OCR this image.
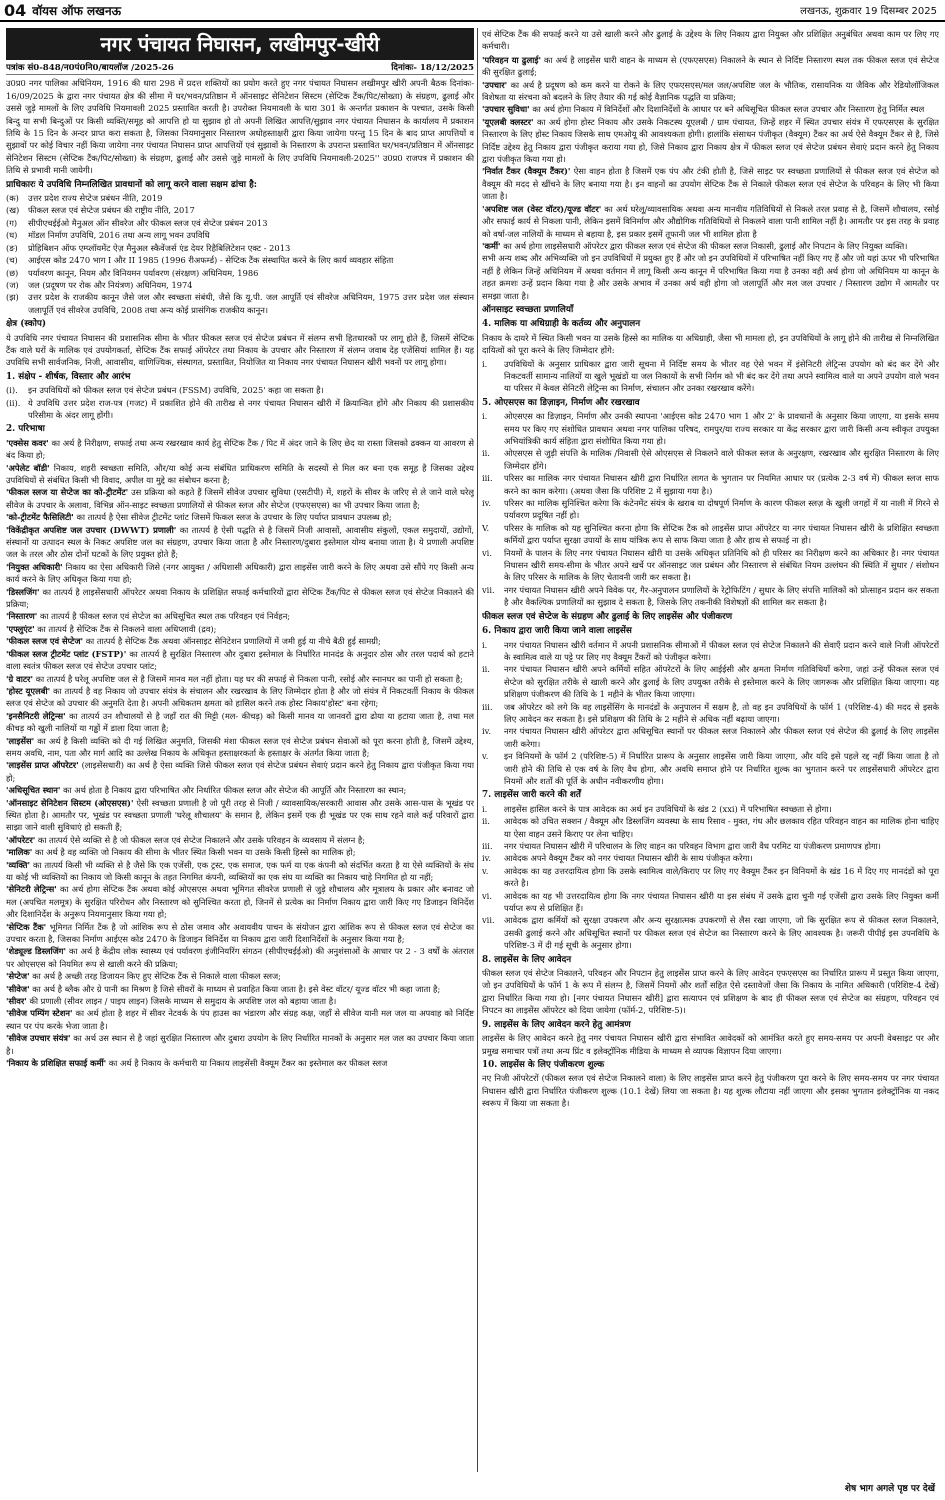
04 वॉयस ऑफ लखनऊ	लखनऊ, शुक्रवार 19 दिसम्बर 2025
नगर पंचायत निघासन, लखीमपुर-खीरी
पत्रांक सं0-848/न0पं0नि0/बायलॉज /2025-26	दिनांकः- 18/12/2025

उ0प्र0 नगर पालिका अधिनियम, 1916 की धारा 298 में प्रदत्त शक्तियों का प्रयोग करते हुए नगर पंचायत निघासन लखीमपुर खीरी अपनी बैठक दिनांकः- 16/09/2025 के द्वारा नगर पंचायत क्षेत्र की सीमा में घर/भवन/प्रतिष्ठान में ऑनसाइट सेनिटेशन सिस्टम (सेप्टिक टैंक/पिट/सोख्ता) के संग्रहण, ढुलाई और उससे जुड़े मामलों के लिए उपविधि नियमावली 2025 प्रस्तावित करती है। उपरोक्त नियमावली के धारा 301 के अन्तर्गत प्रकाशन के पश्चात, उसके किसी बिन्दु या सभी बिन्दुओं पर किसी व्यक्ति/समूह को आपत्ति हो या सुझाव हो तो अपनी लिखित आपत्ति/सुझाव नगर पंचायत निघासन के कार्यालय में प्रकाशन तिथि के 15 दिन के अन्दर प्राप्त करा सकता है, जिसका नियमानुसार निस्तारण अधोहस्ताक्षरी द्वारा किया जायेगा परन्तु 15 दिन के बाद प्राप्त आपत्तियों व सुझावों पर कोई विचार नहीं किया जायेगा नगर पंचायत निघासन प्राप्त आपत्तियों एवं सुझावों के निस्तारण के उपरान्त प्रस्तावित घर/भवन/प्रतिष्ठान में ऑनसाइट सेनिटेशन सिस्टम (सेप्टिक टैंक/पिट/सोख्ता) के संग्रहण, ढुलाई और उससे जुड़े मामलों के लिए उपविधि नियमावली-2025'' उ0प्र0 राजपत्र में प्रकाशन की तिथि से प्रभावी मानी जायेगी।

प्राधिकारः ये उपविधि निम्नलिखित प्रावधानों को लागू करने वाला सक्षम ढांचा है:

(क)	उत्तर प्रदेश राज्य सेप्टेज प्रबंधन नीति, 2019
(ख)	फीकल स्लज एवं सेप्टेज प्रबंधन की राष्ट्रीय नीति, 2017
(ग)	सीपीएचईईओ मैनुअल ऑन सीवरेज और फीकल स्लज एवं सेप्टेज प्रबंधन 2013
(घ)	मॉडल निर्माण उपविधि, 2016 तथा अन्य लागू भवन उपविधि
(ङ)	प्रोहिबिशन ऑफ एम्प्लॉयमेंट ऐज़ मैनुअल स्कैवेंजर्स एंड देयर रिहैबिलिटेशन एक्ट - 2013
(च)	आईएस कोड 2470 भाग I और II 1985 (1996 रीअफर्म्ड) - सेप्टिक टैंक संस्थापित करने के लिए कार्य व्यवहार संहिता
(छ)	पर्यावरण कानून, नियम और विनियमन पर्यावरण (संरक्षण) अधिनियम, 1986
(ज)	जल (प्रदूषण पर रोक और नियंत्रण) अधिनियम, 1974
(झ)	उत्तर प्रदेश के राजकीय कानून जैसे जल और स्वच्छता संबंधी, जैसे कि यू.पी. जल आपूर्ति एवं सीवरेज अधिनियम, 1975 उत्तर प्रदेश जल संस्थान जलापूर्ति एवं सीवरेज उपविधि, 2008 तथा अन्य कोई प्रासंगिक राजकीय कानून।

क्षेत्र (स्कोप)

ये उपविधि नगर पंचायत निघासन की प्रशासनिक सीमा के भीतर फीकल स्लज एवं सेप्टेज प्रबंधन में संलग्न सभी हितधारकों पर लागू होते हैं, जिसमें सेप्टिक टैंक वाले घरों के मालिक एवं उपयोगकर्ता, सेप्टिक टैंक सफाई ऑपरेटर तथा निकाय के उपचार और निस्तारण में संलग्न जवाब देह एजेंसियां शामिल हैं। यह उपविधि सभी सार्वजनिक, निजी, आवासीय, वाणिज्यिक, संस्थागत, प्रस्तावित, नियोजित या निकाय नगर पंचायत निघासन खीरी भवनों पर लागू होगा।

1. संक्षेप - शीर्षक, विस्तार और आरंभ

(i).	इन उपविधियों को फीकल स्लज एवं सेप्टेज प्रबंधन (FSSM) उपविधि, 2025' कहा जा सकता है।
(ii). ये उपविधि उत्तर प्रदेश राज-पत्र (गजट) में प्रकाशित होने की तारीख से नगर पंचायत निघासन खीरी में क्रियान्वित होंगे और निकाय की प्रशासकीय परिसीमा के अंदर लागू होंगी।

2. परिभाषा

'एक्सेस कवर' का अर्थ है निरीक्षण, सफाई तथा अन्य रखरखाव कार्य हेतु सेप्टिक टैंक / पिट में अंदर जाने के लिए छेद या रास्ता जिसको ढक्कन या आवरण से बंद किया हो;

'अपेलेट बॉडी' निकाय, शहरी स्वच्छता समिति, और/या कोई अन्य संबंधित प्राधिकरण समिति के सदस्यों से मिल कर बना एक समूह है जिसका उद्देश्य उपविधियों से संबंधित किसी भी विवाद, अपील या मुद्दे का संबोधन करना है;

'फीकल स्लज या सेप्टेज का को-ट्रीटमेंट' उस प्रक्रिया को कहते हैं जिसमें सीवेज उपचार सुविधा (एसटीपी) में, शहरों के सीवर के जरिए से ले जाने वाले घरेलू सीवेज के उपचार के अलावा, विभिन्न ऑन-साइट स्वच्छता प्रणालियों से फीकल स्लज और सेप्टेज (एफएसएस) का भी उपचार किया जाता है;

'को-ट्रीटमेंट फैसिलिटी' का तात्पर्य है ऐसा सीवेज ट्रीटमेंट प्लांट जिसमें फिकल स्लज के उपचार के लिए पर्याप्त प्रावधान उपलब्ध हो;

'विकेंद्रीकृत अपशिष्ट जल उपचार (DWWT) प्रणाली' का तात्पर्य है ऐसी पद्धति से है जिसमें निजी आवासों, आवासीय संकुलों, एकल समुदायों, उद्योगों, संस्थानों या उत्पादन स्थल के निकट अपशिष्ट जल का संग्रहण, उपचार किया जाता है और निस्तारण/दुबारा इस्तेमाल योग्य बनाया जाता है। ये प्रणाली अपशिष्ट जल के तरल और ठोस दोनों घटकों के लिए प्रयुक्त होते हैं;

'नियुक्त अधिकारी' निकाय का ऐसा अधिकारी जिसे (नगर आयुक्त / अधिशासी अधिकारी) द्वारा लाइसेंस जारी करने के लिए अथवा उसे सौंपे गए किसी अन्य कार्य करने के लिए अधिकृत किया गया हो;

'डिस्लजिंग' का तात्पर्य है लाइसेंसधारी ऑपरेटर अथवा निकाय के प्रशिक्षित सफाई कर्मचारियों द्वारा सेप्टिक टैंक/पिट से फीकल स्लज एवं सेप्टेज निकालने की प्रक्रिया;

'निस्तारण' का तात्पर्य है फीकल स्लज एवं सेप्टेज का अधिसूचित स्थल तक परिवहन एवं निर्वहन;

'एफ्लुएंट' का तात्पर्य है सेप्टिक टैंक से निकलने वाला अधिप्लावी (द्रव);

'फीकल स्लज एवं सेप्टेज' का तात्पर्य है सेप्टिक टैंक अथवा ऑनसाइट सेनिटेशन प्रणालियों में जमी हुई या नीचे बैठी हुई सामग्री;

'फीकल स्लज ट्रीटमेंट प्लांट (FSTP)' का तात्पर्य है सुरक्षित निस्तारण और दुबारा इस्तेमाल के निर्धारित मानदंड के अनुदार ठोस और तरल पदार्थ को हटाने वाला स्वतंत्र फीकल स्लज एवं सेप्टेज उपचार प्लांट;

'ग्रे वाटर' का तात्पर्य है घरेलू अपशिष्ट जल से है जिसमें मानव मल नहीं होता। यह घर की सफाई से निकला पानी, रसोई और स्नानघर का पानी हो सकता है;

'होस्ट यूएलबी' का तात्पर्य है वह निकाय जो उपचार संयंत्र के संचालन और रखरखाव के लिए जिम्मेदार होता है और जो संयंत्र में निकटवर्ती निकाय के फीकल स्लज एवं सेप्टेज को उपचार की अनुमति देता है। अपनी अधिकतम क्षमता को हासिल करने तक होस्ट निकाय'होस्ट' बना रहेगा;

'इनसैनिटरी लेट्रिन्स' का तात्पर्य उन शौचालयों से है जहाँ रात की मिट्टी (मल- कीचड़) को किसी मानव या जानवरों द्वारा ढोया या हटाया जाता है, तथा मल कीचड़ को खुली नालियों या गड्ढों में डाला दिया जाता है;

'लाइसेंस' का अर्थ है किसी व्यक्ति को दी गई लिखित अनुमति, जिसकी मंशा फीकल स्लज एवं सेप्टेज प्रबंधन सेवाओं को पूरा करना होती है, जिसमें उद्देश्य, समय अवधि, नाम, पता और मार्ग आदि का उल्लेख निकाय के अधिकृत हस्ताक्षरकर्ता के हस्ताक्षर के अंतर्गत किया जाता है;

'लाइसेंस प्राप्त ऑपरेटर' (लाइसेंसधारी) का अर्थ है ऐसा व्यक्ति जिसे फीकल स्लज एवं सेप्टेज प्रबंधन सेवाएं प्रदान करने हेतु निकाय द्वारा पंजीकृत किया गया हो;

'अधिसूचित स्थान' का अर्थ होता है निकाय द्वारा परिभाषित और निर्धारित फीकल स्लज और सेप्टेज की आपूर्ति और निस्तारण का स्थान;

'ऑनसाइट सेनिटेशन सिस्टम (ओएसएस)' ऐसी स्वच्छता प्रणाली है जो पूरी तरह से निजी / व्यावसायिक/सरकारी आवास और उसके आस-पास के भूखंड पर स्थित होता है। आमतौर पर, भूखंड पर स्वच्छता प्रणाली 'घरेलू शौचालय' के समान है, लेकिन इसमें एक ही भूखंड पर एक साथ रहने वाले कई परिवारों द्वारा साझा जाने वाली सुविधाएं हो सकती हैं;

'ऑपरेटर' का तात्पर्य ऐसे व्यक्ति से है जो फीकल स्लज एवं सेप्टेज निकालने और उसके परिवहन के व्यवसाय में संलग्न है;

'मालिक' का अर्थ है वह व्यक्ति जो निकाय की सीमा के भीतर स्थित किसी भवन या उसके किसी हिस्से का मालिक हो;

'व्यक्ति' का तात्पर्य किसी भी व्यक्ति से है जैसे कि एक एजेंसी, एक ट्रस्ट, एक समाज, एक फर्म या एक कंपनी को संदर्भित करता है या ऐसे व्यक्तियों के संघ या कोई भी व्यक्तियों का निकाय जो किसी कानून के तहत निगमित कंपनी, व्यक्तियों का एक संघ या व्यक्ति का निकाय चाहे निगमित हो या नहीं;

'सेनिटरी लेट्रिन्स' का अर्थ होगा सेप्टिक टैंक अथवा कोई ओएसएस अथवा भूमिगत सीवरेज प्रणाली से जुड़े शौचालय और मूत्रालय के प्रकार और बनावट जो मल (अपचित मलमूत्र) के सुरक्षित परिरोधन और निस्तारण को सुनिश्चित करता हो, जिनमें से प्रत्येक का निर्माण निकाय द्वारा जारी किए गए डिजाइन विनिर्देश और दिशानिर्देश के अनुरूप नियमानुसार किया गया हो;

'सेप्टिक टैंक' भूमिगत निर्मित टैंक है जो आंशिक रूप से ठोस जमाव और अवायवीय पाचन के संयोजन द्वारा आंशिक रूप से फीकल स्लज एवं सेप्टेज का उपचार करता है, जिसका निर्माण आईएस कोड 2470 के डिजाइन विनिर्देश या निकाय द्वारा जारी दिशानिर्देशों के अनुसार किया गया है;

'शेड्यूल्ड डिस्लजिंग' का अर्थ है केंद्रीय लोक स्वास्थ्य एवं पर्यावरण इंजीनियरिंग संगठन (सीपीएचईईओ) की अनुशंसाओं के आधार पर 2 - 3 वर्षों के अंतराल पर ओएसएस को नियमित रूप से खाली करने की प्रक्रिया;

'सेप्टेज' का अर्थ है अच्छी तरह डिजायन किए हुए सेप्टिक टैंक से निकाले वाला फीकल स्लज;

'सीवेज' का अर्थ है ब्लैक और ग्रे पानी का मिश्रण है जिसे सीवरों के माध्यम से प्रवाहित किया जाता है। इसे वेस्ट वॉटर/ यूज्ड वॉटर भी कहा जाता है;

'सीवर' की प्रणाली (सीवर लाइन / पाइप लाइन) जिसके माध्यम से समुदाय के अपशिष्ट जल को बहाया जाता है।

'सीवेज पम्पिंग स्टेशन' का अर्थ होता है शहर में सीवर नेटवर्क के पंप हाउस का भंडारण और संग्रह कक्ष, जहाँ से सीवेज यानी मल जल या अपवाह को निर्दिष्ट स्थान पर पंप करके भेजा जाता है।

'सीवेज उपचार संयंत्र' का अर्थ उस स्थान से है जहां सुरक्षित निस्तारण और दुबारा उपयोग के लिए निर्धारित मानकों के अनुसार मल जल का उपचार किया जाता है।

'निकाय के प्रशिक्षित सफाई कर्मी' का अर्थ है निकाय के कर्मचारी या निकाय लाइसेंसी वैक्यूम टैंकर का इस्तेमाल कर फीकल स्लज

एवं सेप्टिक टैंक की सफाई करने या उसे खाली करने और ढुलाई के उद्देश्य के लिए निकाय द्वारा नियुक्त और प्रशिक्षित अनुबंधित अथवा काम पर लिए गए कर्मचारी।

'परिवहन या ढुलाई' का अर्थ है लाइसेंस धारी वाहन के माध्यम से (एफएसएस) निकालने के स्थान से निर्दिष्ट निस्तारण स्थल तक फीकल स्लज एवं सेप्टेज की सुरक्षित ढुलाई;

'उपचार' का अर्थ है प्रदूषण को कम करने या रोकने के लिए एफएसएस/मल जल/अपशिष्ट जल के भौतिक, रासायनिक या जैविक और रेडियोलॉजिकल विशेषता या संरचना को बदलने के लिए तैयार की गई कोई वैज्ञानिक पद्धति या प्रक्रिया;

'उपचार सुविधा' का अर्थ होगा निकाय में विनिर्देशों और दिशानिर्देशों के आधार पर बने अधिसूचित फीकल स्लज उपचार और निस्तारण हेतु निर्मित स्थल

'यूएलबी क्लस्टर' का अर्थ होगा होस्ट निकाय और उसके निकटस्थ यूएलबी / ग्राम पंचायत, जिन्हें शहर में स्थित उपचार संयंत्र में एफएसएस के सुरक्षित निस्तारण के लिए होस्ट निकाय जिसके साथ एमओयू की आवश्यकता होगी। हालांकि संसाधन पंजीकृत (वैक्यूम) टैंकर का अर्थ ऐसे वैक्यूम टैंकर से है, जिसे निर्दिष्ट उद्देश्य हेतु निकाय द्वारा पंजीकृत कराया गया हो, जिसे निकाय द्वारा निकाय क्षेत्र में फीकल स्लज एवं सेप्टेज प्रबंधन सेवाएं प्रदान करने हेतु निकाय द्वारा पंजीकृत किया गया हो।

'निर्वात टैंकर (वैक्यूम टैंकर)' ऐसा वाहन होता है जिसमें एक पंप और टंकी होती है, जिसे साइट पर स्वच्छता प्रणालियों से फीकल स्लज एवं सेप्टेज को वैक्यूम की मदद से खींचने के लिए बनाया गया है। इन वाहनों का उपयोग सेप्टिक टैंक से निकाले फीकल स्लज एवं सेप्टेज के परिवहन के लिए भी किया जाता है।

'अपशिष्ट जल (वेस्ट वॉटर)/यूज्ड वॉटर' का अर्थ घरेलू/व्यावसायिक अथवा अन्य मानवीय गतिविधियों से निकले तरल प्रवाह से है, जिसमें शौचालय, रसोई और सफाई कार्य से निकला पानी, लेकिन इसमें विनिर्माण और औद्योगिक गतिविधियों से निकलने वाला पानी शामिल नहीं है। आमतौर पर इस तरह के प्रवाह को वर्षा-जल नालियों के माध्यम से बहाया है, इस प्रकार इसमें तूफानी जल भी शामिल होता है

'कर्मी' का अर्थ होगा लाइसेंसधारी ऑपरेटर द्वारा फीकल स्लज एवं सेप्टेज की फीकल स्लज निकासी, ढुलाई और निपटान के लिए नियुक्त व्यक्ति।

सभी अन्य शब्द और अभिव्यक्ति जो इन उपविधियों में प्रयुक्त हुए हैं और जो इन उपविधियों में परिभाषित नहीं किए गए हैं और जो यहां ऊपर भी परिभाषित नहीं है लेकिन जिन्हें अधिनियम में अथवा वर्तमान में लागू किसी अन्य कानून में परिभाषित किया गया है उनका वही अर्थ होगा जो अधिनियम या कानून के तहत क्रमशः उन्हें प्रदान किया गया है और उसके अभाव में उनका अर्थ वही होगा जो जलापूर्ति और मल जल उपचार / निस्तारण उद्योग में आमतौर पर समझा जाता है।

ऑनसाइट स्वच्छता प्रणालियाँ

4. मालिक या अधिग्राही के कर्तव्य और अनुपालन

निकाय के दायरे में स्थित किसी भवन या उसके हिस्से का मालिक या अधिग्राही, जैसा भी मामला हो, इन उपविधियों के लागू होने की तारीख से निम्नलिखित दायित्वों को पूरा करने के लिए जिम्मेदार होंगे:

i.	उपविधियों के अनुसार प्राधिकार द्वारा जारी सूचना में निर्दिष्ट समय के भीतर वह ऐसे भवन में इंसेनिटरी लेट्रिन्स उपयोग को बंद कर देंगे और निकटवर्ती सामान्य नालियों या खुले भूखंडों या जल निकायों के सभी निर्गम को भी बंद कर देंगे तथा अपने स्वामित्व वाले या अपने उपयोग वाले भवन या परिसर में केवल सेनिटरी लेट्रिन्स का निर्माण, संचालन और उनका रखरखाव करेंगे।

5. ओएसएस का डिज़ाइन, निर्माण और रखरखाव

i.	ओएसएस का डिज़ाइन, निर्माण और उनकी स्थापना 'आईएस कोड 2470 भाग 1 और 2' के प्रावधानों के अनुसार किया जाएगा, या इसके समय समय पर किए गए संशोधित प्रावधान अथवा नगर पालिका परिषद, रामपुर/या राज्य सरकार या केंद्र सरकार द्वारा जारी किसी अन्य स्वीकृत उपयुक्त अभियांत्रिकी कार्य संहिता द्वारा संशोधित किया गया हो।
ii.	ओएसएस से जुड़ी संपत्ति के मालिक /निवासी ऐसे ओएसएस से निकलने वाले फीकल स्लज के अनुरक्षण, रखरखाव और सुरक्षित निस्तारण के लिए जिम्मेदार होंगे।
iii.	परिसर का मालिक नगर पंचायत निघासन खीरी द्वारा निर्धारित लागत के भुगतान पर नियमित आधार पर (प्रत्येक 2-3 वर्ष में) फीकल स्लज साफ करने का काम करेगा। (अथवा जैसा कि परिशिष्ट 2 में सुझाया गया है।)
iv.	परिसर का मालिक सुनिश्चित करेगा कि कंटेनमेंट संयंत्र के खराब या दोषपूर्ण निर्माण के कारण फीकल स्लज़ के खुली जगहों में या नाली में गिरने से पर्यावरण प्रदूषित नहीं हो।
V.	परिसर के मालिक को यह सुनिश्चित करना होगा कि सेप्टिक टैंक को लाइसेंस प्राप्त ऑपरेटर या नगर पंचायत निघासन खीरी के प्रशिक्षित स्वच्छता कर्मियों द्वारा पर्याप्त सुरक्षा उपायों के साथ यांत्रिक रूप से साफ किया जाता है और हाथ से सफाई ना हो।
vi.	नियमों के पालन के लिए नगर पंचायत निघासन खीरी या उसके अधिकृत प्रतिनिधि को ही परिसर का निरीक्षण करने का अधिकार है। नगर पंचायत निघासन खीरी समय-सीमा के भीतर अपने खर्चे पर ऑनसाइट जल प्रबंधन और निस्तारण से संबंधित नियम उल्लंघन की स्थिति में सुधार / संशोधन के लिए परिसर के मालिक के लिए चेतावनी जारी कर सकता है।
vii.	नगर पंचायत निघासन खीरी अपने विवेक पर, गैर-अनुपालन प्रणालियों के रेट्रोफिटिंग / सुधार के लिए संपत्ति मालिकों को प्रोत्साहन प्रदान कर सकता है और वैकल्पिक प्रणालियों का सुझाव दे सकता है, जिसके लिए तकनीकी विशेषज्ञों की शामिल कर सकता है।

फीकल स्लज एवं सेप्टेज के संग्रहण और ढुलाई के लिए लाइसेंस और पंजीकरण

6. निकाय द्वारा जारी किया जाने वाला लाइसेंस

i.	नगर पंचायत निघासन खीरी वर्तमान में अपनी प्रशासनिक सीमाओं में फीकल स्लज एवं सेप्टेज निकालने की सेवाएँ प्रदान करने वाले निजी ऑपरेटरों के स्वामित्व वाले या पट्टे पर लिए गए वैक्यूम टैंकरों को पंजीकृत करेगा।
ii.	नगर पंचायत निघासन खीरी अपने कर्मियों सहित ऑपरेटरों के लिए आईईसी और क्षमता निर्माण गतिविधियाँ करेगा, जहां उन्हें फीकल स्लज एवं सेप्टेज को सुरक्षित तरीके से खाली करने और ढुलाई के लिए उपयुक्त तरीके से इस्तेमाल करने के लिए जागरूक और प्रशिक्षित किया जाएगा। यह प्रशिक्षण पंजीकरण की तिथि के 1 महीने के भीतर किया जाएगा।
iii.	जब ऑपरेटर को लगे कि वह लाइसेंसिंग के मानदंडों के अनुपालन में सक्षम है, तो वह इन उपविधियों के फॉर्म 1 (परिशिष्ट-4) की मदद से इसके लिए आवेदन कर सकता है। इसे प्रशिक्षण की तिथि के 2 महीने से अधिक नहीं बढ़ाया जाएगा।
iv.	नगर पंचायत निघासन खीरी ऑपरेटर द्वारा अधिसूचित स्थानों पर फीकल स्लज निकालने और फीकल स्लज एवं सेप्टेज की ढुलाई के लिए लाइसेंस जारी करेगा।
v.	इन विनियमों के फॉर्म 2 (परिशिष्ट-5) में निर्धारित प्रारूप के अनुसार लाइसेंस जारी किया जाएगा, और यदि इसे पहले रद्द नहीं किया जाता है तो जारी होने की तिथि से एक वर्ष के लिए वैध होगा, और अवधि समाप्त होने पर निर्धारित शुल्क का भुगतान करने पर लाइसेंसधारी ऑपरेटर द्वारा नियमों और शर्तों की पूर्ति के अधीन नवीकरणीय होगा।

7. लाइसेंस जारी करने की शर्तें

i.	लाइसेंस हासिल करने के पात्र आवेदक का अर्थ इन उपविधियों के खंड 2 (xxi) में परिभाषित स्वच्छता से होगा।
ii.	आवेदक को उचित सक्शन / वैक्यूम और डिस्लजिंग व्यवस्था के साथ रिसाव - मुक्त, गंध और छलकाव रहित परिवहन वाहन का मालिक होना चाहिए या ऐसा वाहन उसने किराए पर लेना चाहिए।
iii.	नगर पंचायत निघासन खीरी में परिचालन के लिए वाहन का परिवहन विभाग द्वारा जारी वैध परमिट या पंजीकरण प्रमाणपत्र होगा।
iv.	आवेदक अपने वैक्यूम टैंकर को नगर पंचायत निघासन खीरी के साथ पंजीकृत करेगा।
v.	आवेदक का यह उत्तरदायित्व होगा कि उसके स्वामित्व वाले/किराए पर लिए गए वैक्यूम टैंकर इन विनियमों के खंड 16 में दिए गए मानदंडों को पूरा करते है।
vi.	आवेदक का यह भी उत्तरदायित्व होगा कि नगर पंचायत निघासन खीरी या इस संबंध में उसके द्वारा चुनी गई एजेंसी द्वारा उसके लिए नियुक्त कर्मी पर्याप्त रूप से प्रशिक्षित हैं।
vii.	आवेदक द्वारा कर्मियों को सुरक्षा उपकरण और अन्य सुरक्षात्मक उपकरणों से लैस रखा जाएगा, जो कि सुरक्षित रूप से फीकल स्लज निकालने, उसकी ढुलाई करने और अधिसूचित स्थानों पर फीकल स्लज एवं सेप्टेज का निस्तारण करने के लिए आवश्यक है। जरूरी पीपीई इस उपनविधि के परिशिष्ट-3 में दी गई सूची के अनुसार होगा।

8. लाइसेंस के लिए आवेदन

फीकल स्लज एवं सेप्टेज निकालने, परिवहन और निपटान हेतु लाइसेंस प्राप्त करने के लिए आवेदन एफएसएस का निर्धारित प्रारूप में प्रस्तुत किया जाएगा, जो इन उपविधियों के फॉर्म 1 के रूप में संलग्न है, जिसमें नियमों और शर्तों सहित ऐसे दस्तावेजों जैसा कि निकाय के नामित अधिकारी (परिशिष्ट-4 देखें) द्वारा निर्धारित किया गया हो। [नगर पंचायत निघासन खीरी] द्वारा सत्यापन एवं प्रशिक्षण के बाद ही फीकल स्लज एवं सेप्टेज का संग्रहण, परिवहन एवं निपटन का लाइसेंस ऑपरेटर को दिया जायेगा (फॉर्म-2, परिशिष्ट-5)।

9. लाइसेंस के लिए आवेदन करने हेतु आमंत्रण

लाइसेंस के लिए आवेदन करने हेतु नगर पंचायत निघासन खीरी द्वारा संभावित आवेदकों को आमंत्रित करते हुए समय-समय पर अपनी वेबसाइट पर और प्रमुख समाचार पत्रों तथा अन्य प्रिंट व इलेक्ट्रॉनिक मीडिया के माध्यम से व्यापक विज्ञापन दिया जाएगा।

10. लाइसेंस के लिए पंजीकरण शुल्क

नए निजी ऑपरेटरों (फीकल स्लज एवं सेप्टेज निकालने वाला) के लिए लाइसेंस प्राप्त करने हेतु पंजीकरण पूरा करने के लिए समय-समय पर नगर पंचायत निघासन खीरी द्वारा निर्धारित पंजीकरण शुल्क (10.1 देखें) लिया जा सकता है। यह शुल्क लौटाया नहीं जाएगा और इसका भुगतान इलेक्ट्रॉनिक या नकद स्वरूप में किया जा सकता है।

शेष भाग अगले पृष्ठ पर देखें
